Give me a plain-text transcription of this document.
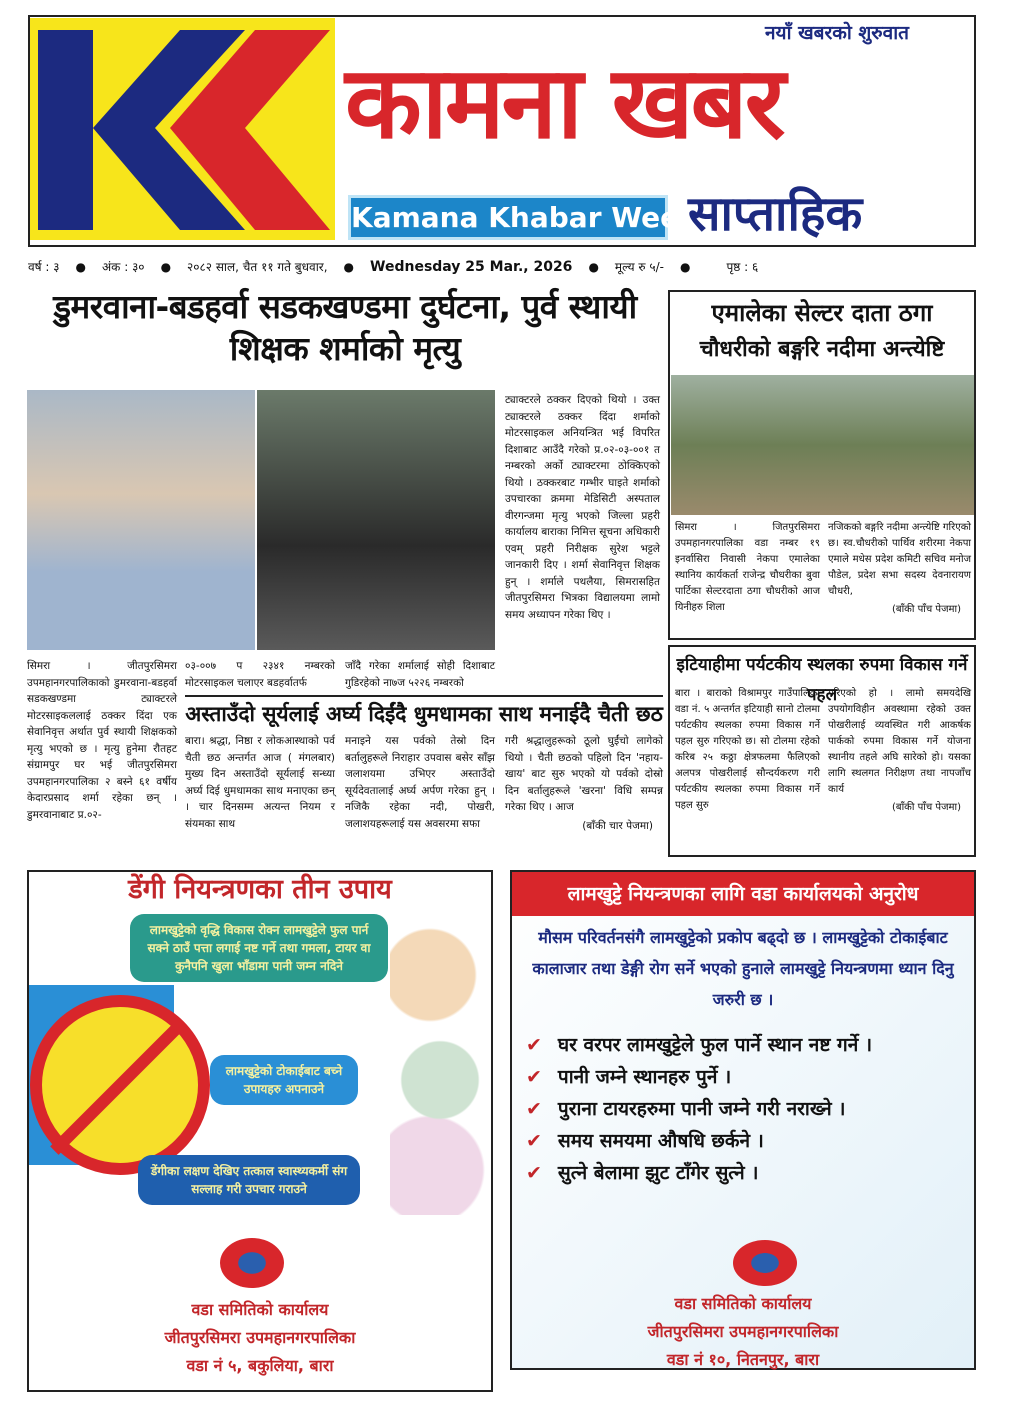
नयाँ खबरको शुरुवात
कामना खबर
Kamana Khabar Weekly
साप्ताहिक
वर्ष : ३ ● अंक : ३० ● २०८२ साल, चैत ११ गते बुधवार, ● Wednesday 25 Mar., 2026 ● मूल्य रु ५/- ●	पृष्ठ : ६
डुमरवाना-बडहर्वा सडकखण्डमा दुर्घटना, पुर्व स्थायी शिक्षक शर्माको मृत्यु
ट्याक्टरले ठक्कर दिएको थियो । उक्त ट्याक्टरले ठक्कर दिंदा शर्माको मोटरसाइकल अनियन्त्रित भई विपरित दिशाबाट आउँदै गरेको प्र.०२-०३-००१ त नम्बरको अर्को ट्याक्टरमा ठोक्किएको थियो । ठक्करबाट गम्भीर घाइते शर्माको उपचारका क्रममा मेडिसिटी अस्पताल वीरगन्जमा मृत्यु भएको जिल्ला प्रहरी कार्यालय बाराका निमित्त सूचना अधिकारी एवम् प्रहरी निरीक्षक सुरेश भट्टले जानकारी दिए । शर्मा सेवानिवृत्त शिक्षक हुन् । शर्माले पथलैया, सिमरासहित जीतपुरसिमरा भित्रका विद्यालयमा लामो समय अध्यापन गरेका थिए ।
सिमरा । जीतपुरसिमरा उपमहानगरपालिकाको डुमरवाना-बडहर्वा सडकखण्डमा ट्याक्टरले मोटरसाइकललाई ठक्कर दिंदा एक सेवानिवृत्त अर्थात पुर्व स्थायी शिक्षकको मृत्यु भएको छ । मृत्यु हुनेमा रौतहट संग्रामपुर घर भई जीतपुरसिमरा उपमहानगरपालिका २ बस्ने ६१ वर्षीय केदारप्रसाद शर्मा रहेका छन् । डुमरवानाबाट प्र.०२-
०३-००७ प २३४१ नम्बरको मोटरसाइकल चलाएर बडहर्वातर्फ
जाँदै गरेका शर्मालाई सोही दिशाबाट गुडिरहेको ना७ज ५२२६ नम्बरको
अस्ताउँदो सूर्यलाई अर्घ्य दिईंदै धुमधामका साथ मनाईदै चैती छठ
बारा। श्रद्धा, निष्ठा र लोकआस्थाको पर्व चैती छठ अन्तर्गत आज ( मंगलबार) मुख्य दिन अस्ताउँदो सूर्यलाई सन्ध्या अर्घ्य दिई धुमधामका साथ मनाएका छन् । चार दिनसम्म अत्यन्त नियम र संयमका साथ
मनाइने यस पर्वको तेस्रो दिन बर्तालुहरूले निराहार उपवास बसेर साँझ जलाशयमा उभिएर अस्ताउँदो सूर्यदेवतालाई अर्घ्य अर्पण गरेका हुन् । नजिकै रहेका नदी, पोखरी, जलाशयहरूलाई यस अवसरमा सफा
गरी श्रद्धालुहरूको ठूलो घुईंचो लागेको थियो । चैती छठको पहिलो दिन 'नहाय-खाय' बाट सुरु भएको यो पर्वको दोस्रो दिन बर्तालुहरूले 'खरना' विधि सम्पन्न गरेका थिए । आज
(बाँकी चार पेजमा)
एमालेका सेल्टर दाता ठगा
चौधरीको बङ्गरि नदीमा अन्त्येष्टि
सिमरा । जितपुरसिमरा उपमहानगरपालिका वडा नम्बर १९ इनर्वासिरा निवासी नेकपा एमालेका स्थानिय कार्यकर्ता राजेन्द्र चौधरीका बुवा पार्टिका सेल्टरदाता ठगा चौधरीको आज यिनीहरु शिला
नजिकको बङ्गरि नदीमा अन्त्येष्टि गरिएको छ। स्व.चौधरीको पार्थिव शरीरमा नेकपा एमाले मधेस प्रदेश कमिटी सचिव मनोज पौडेल, प्रदेश सभा सदस्य देवनारायण चौधरी,
(बाँकी पाँच पेजमा)
इटियाहीमा पर्यटकीय स्थलका रुपमा विकास गर्ने पहल
बारा । बाराको विश्रामपुर गाउँपालिका वडा नं. ५ अन्तर्गत इटियाही सानो टोलमा पर्यटकीय स्थलका रुपमा विकास गर्ने पहल सुरु गरिएको छ। सो टोलमा रहेको करिब २५ कठ्ठा क्षेत्रफलमा फैलिएको अलपत्र पोखरीलाई सौन्दर्यकरण गरी पर्यटकीय स्थलका रुपमा विकास गर्ने पहल सुरु
गरिएको हो । लामो समयदेखि उपयोगविहीन अवस्थामा रहेको उक्त पोखरीलाई व्यवस्थित गरी आकर्षक पार्कको रुपमा विकास गर्ने योजना स्थानीय तहले अघि सारेको हो। यसका लागि स्थलगत निरीक्षण तथा नापजाँच कार्य
(बाँकी पाँच पेजमा)
डेंगी नियन्त्रणका तीन उपाय
लामखुट्टेको वृद्धि विकास रोक्न लामखुट्टेले फुल पार्न सक्ने ठाउँ पत्ता लगाई नष्ट गर्ने तथा गमला, टायर वा कुनैपनि खुला भाँडामा पानी जम्न नदिने
लामखुट्टेको टोकाईबाट बच्ने उपायहरु अपनाउने
डेंगीका लक्षण देखिए तत्काल स्वास्थ्यकर्मी संग सल्लाह गरी उपचार गराउने
वडा समितिको कार्यालय
जीतपुरसिमरा उपमहानगरपालिका
वडा नं ५, बकुलिया, बारा
लामखुट्टे नियन्त्रणका लागि वडा कार्यालयको अनुरोध
मौसम परिवर्तनसंगै लामखुट्टेको प्रकोप बढ्दो छ । लामखुट्टेको टोकाईबाट कालाजार तथा डेङ्गी रोग सर्ने भएको हुनाले लामखुट्टे नियन्त्रणमा ध्यान दिनु जरुरी छ ।
✔ घर वरपर लामखुट्टेले फुल पार्ने स्थान नष्ट गर्ने ।
✔ पानी जम्ने स्थानहरु पुर्ने ।
✔ पुराना टायरहरुमा पानी जम्ने गरी नराख्ने ।
✔ समय समयमा औषधि छर्कने ।
✔ सुत्ने बेलामा झुट टाँगेर सुत्ने ।
वडा समितिको कार्यालय
जीतपुरसिमरा उपमहानगरपालिका
वडा नं १०, नितनपुर, बारा
